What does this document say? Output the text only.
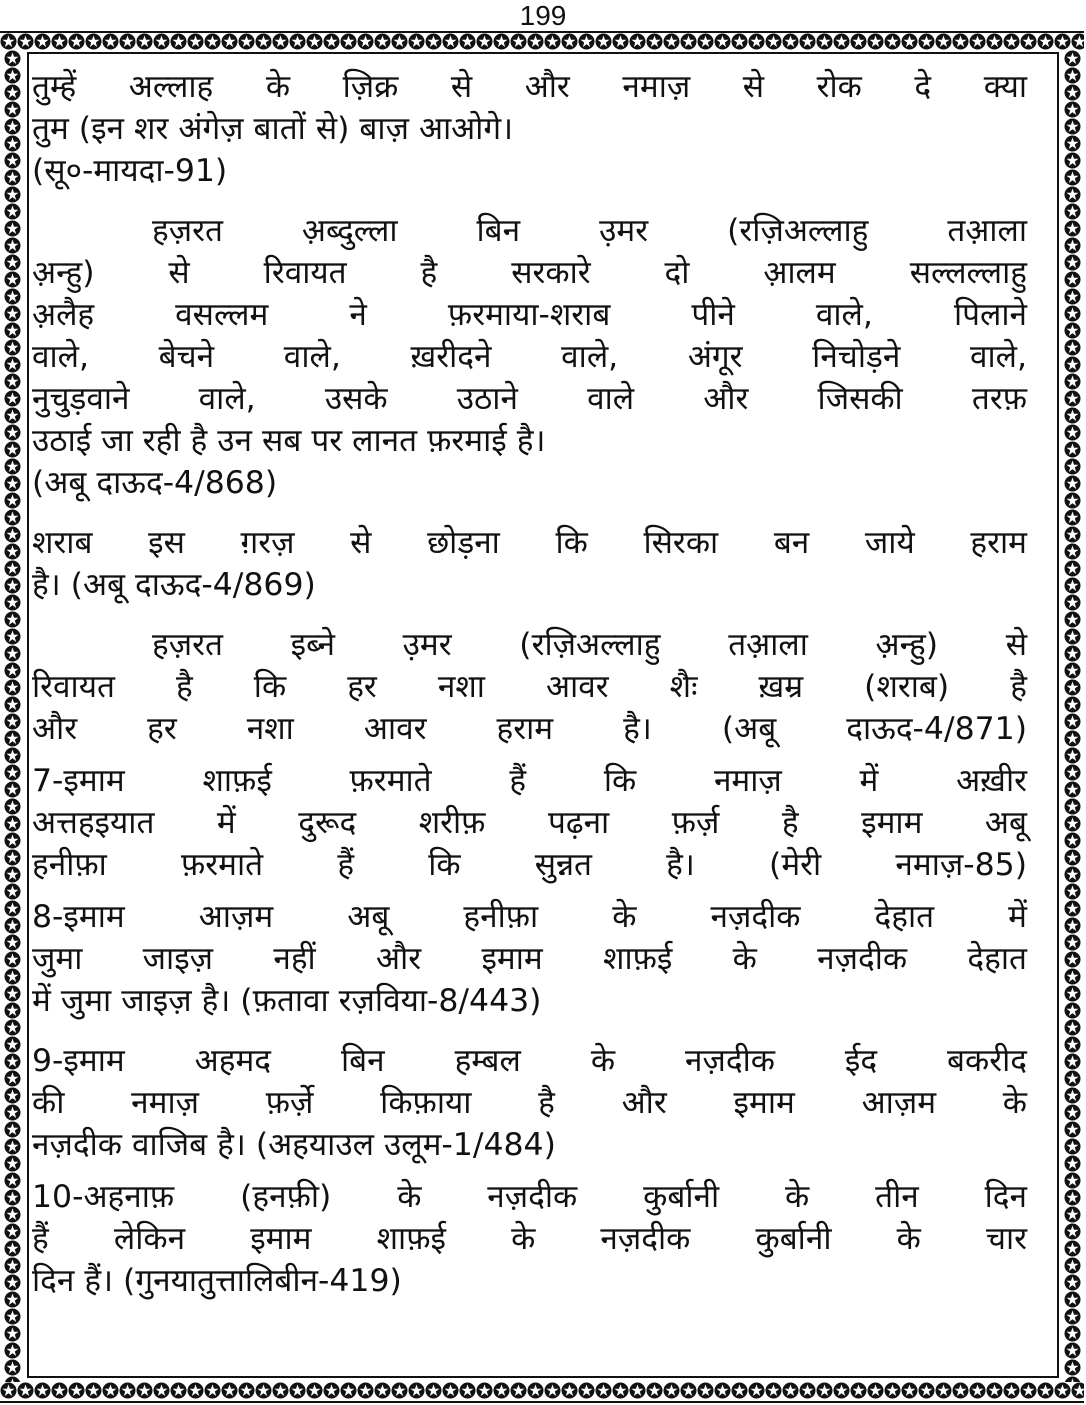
199
तुम्हें अल्लाह के ज़िक्र से और नमाज़ से रोक दे क्या
तुम (इन शर अंगेज़ बातों से) बाज़ आओगे।
(सू०-मायदा-91)
हज़रत अ़ब्दुल्ला बिन उ़मर (रज़िअल्लाहु तआ़ला
अ़न्हु) से रिवायत है सरकारे दो आ़लम सल्लल्लाहु
अ़लैह वसल्लम ने फ़रमाया-शराब पीने वाले, पिलाने
वाले, बेचने वाले, ख़रीदने वाले, अंगूर निचोड़ने वाले,
नुचुड़वाने वाले, उसके उठाने वाले और जिसकी तरफ़
उठाई जा रही है उन सब पर लानत फ़रमाई है।
(अबू दाऊद-4/868)
शराब इस ग़रज़ से छोड़ना कि सिरका बन जाये हराम
है। (अबू दाऊद-4/869)
हज़रत इब्ने उ़मर (रज़िअल्लाहु तआ़ला अ़न्हु) से
रिवायत है कि हर नशा आवर शैः ख़म्र (शराब) है
और हर नशा आवर हराम है। (अबू दाऊद-4/871)
7-इमाम शाफ़ई फ़रमाते हैं कि नमाज़ में अख़ीर
अत्तहइयात में दुरूद शरीफ़ पढ़ना फ़र्ज़ है इमाम अबू
हनीफ़ा फ़रमाते हैं कि सुन्नत है। (मेरी नमाज़-85)
8-इमाम आज़म अबू हनीफ़ा के नज़दीक देहात में
जुमा जाइज़ नहीं और इमाम शाफ़ई के नज़दीक देहात
में जुमा जाइज़ है। (फ़तावा रज़विया-8/443)
9-इमाम अहमद बिन हम्बल के नज़दीक ईद बकरीद
की नमाज़ फ़र्ज़े किफ़ाया है और इमाम आज़म के
नज़दीक वाजिब है। (अहयाउल उलूम-1/484)
10-अहनाफ़ (हनफ़ी) के नज़दीक कुर्बानी के तीन दिन
हैं लेकिन इमाम शाफ़ई के नज़दीक कुर्बानी के चार
दिन हैं। (गुनयातुत्तालिबीन-419)
